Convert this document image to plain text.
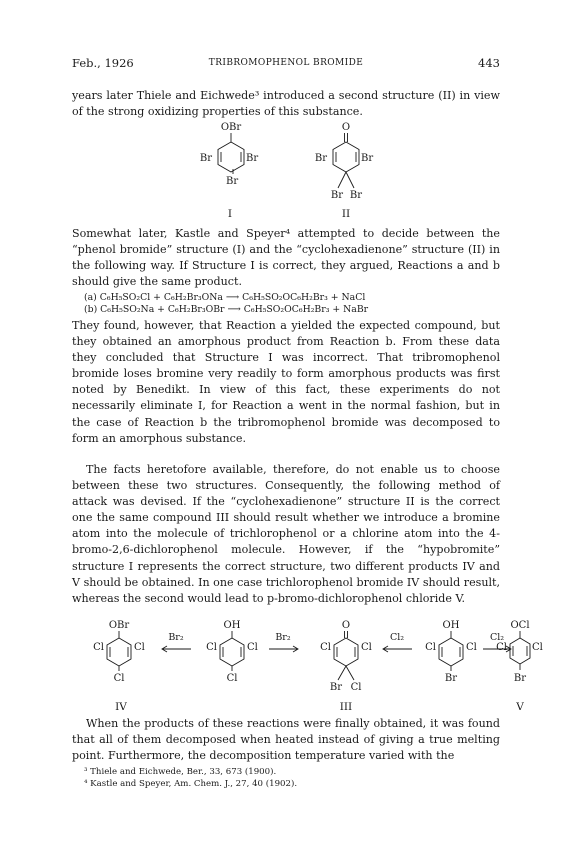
Feb., 1926	TRIBROMOPHENOL BROMIDE	443

years later Thiele and Eichwede³ introduced a second structure (II) in view of the strong oxidizing properties of this substance.

OBr
Br	Br
Br
I
O
Br	Br
Br Br
II

Somewhat later, Kastle and Speyer⁴ attempted to decide between the “phenol bromide” structure (I) and the “cyclohexadienone” structure (II) in the following way. If Structure I is correct, they argued, Reactions a and b should give the same product.

(a) C₆H₅SO₂Cl + C₆H₂Br₃ONa ⟶ C₆H₅SO₂OC₆H₂Br₃ + NaCl
(b) C₆H₅SO₂Na + C₆H₂Br₃OBr ⟶ C₆H₅SO₂OC₆H₂Br₃ + NaBr

They found, however, that Reaction a yielded the expected compound, but they obtained an amorphous product from Reaction b. From these data they concluded that Structure I was incorrect. That tribromophenol bromide loses bromine very readily to form amorphous products was first noted by Benedikt. In view of this fact, these experiments do not necessarily eliminate I, for Reaction a went in the normal fashion, but in the case of Reaction b the tribromophenol bromide was decomposed to form an amorphous substance.

The facts heretofore available, therefore, do not enable us to choose between these two structures. Consequently, the following method of attack was devised. If the “cyclohexadienone” structure II is the correct one the same compound III should result whether we introduce a bromine atom into the molecule of trichlorophenol or a chlorine atom into the 4-bromo-2,6-dichlorophenol molecule. However, if the “hypobromite” structure I represents the correct structure, two different products IV and V should be obtained. In one case trichlorophenol bromide IV should result, whereas the second would lead to p-bromo-dichlorophenol chloride V.

OBr
Cl	Cl
Cl
IV
Br₂
OH
Cl	Cl
Cl
Br₂
O
Cl	Cl
Br Cl
III
Cl₂
OH
Cl	Cl
Br
Cl₂
OCl
Cl	Cl
Br
V

When the products of these reactions were finally obtained, it was found that all of them decomposed when heated instead of giving a true melting point. Furthermore, the decomposition temperature varied with the

³ Thiele and Eichwede, Ber., 33, 673 (1900).
⁴ Kastle and Speyer, Am. Chem. J., 27, 40 (1902).
